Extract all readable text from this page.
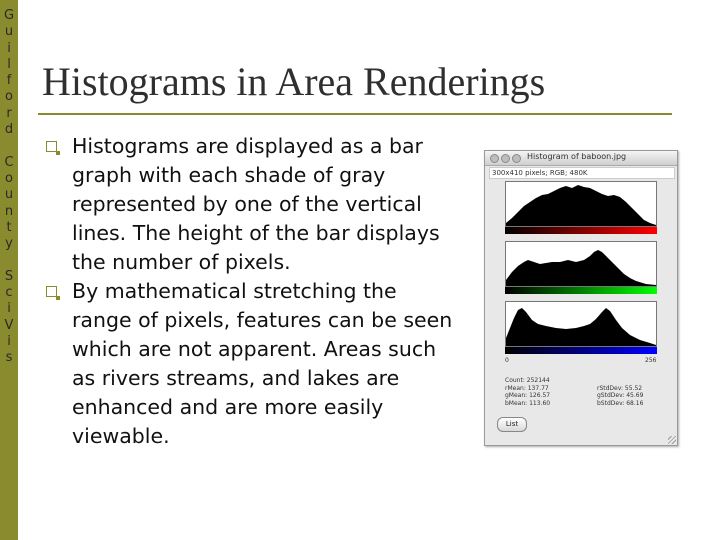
G
u
i
l
f
o
r
d
C
o
u
n
t
y
S
c
i
V
i
s
Histograms in Area Renderings
Histograms are displayed as a bar graph with each shade of gray represented by one of the vertical lines. The height of the bar displays the number of pixels.
By mathematical stretching the range of pixels, features can be seen which are not apparent. Areas such as rivers streams, and lakes are enhanced and are more easily viewable.
Histogram of baboon.jpg
300x410 pixels; RGB; 480K
0	256
Count: 252144
rMean: 137.77
gMean: 126.57
bMean: 113.60
rStdDev: 55.52
gStdDev: 45.69
bStdDev: 68.16
List
